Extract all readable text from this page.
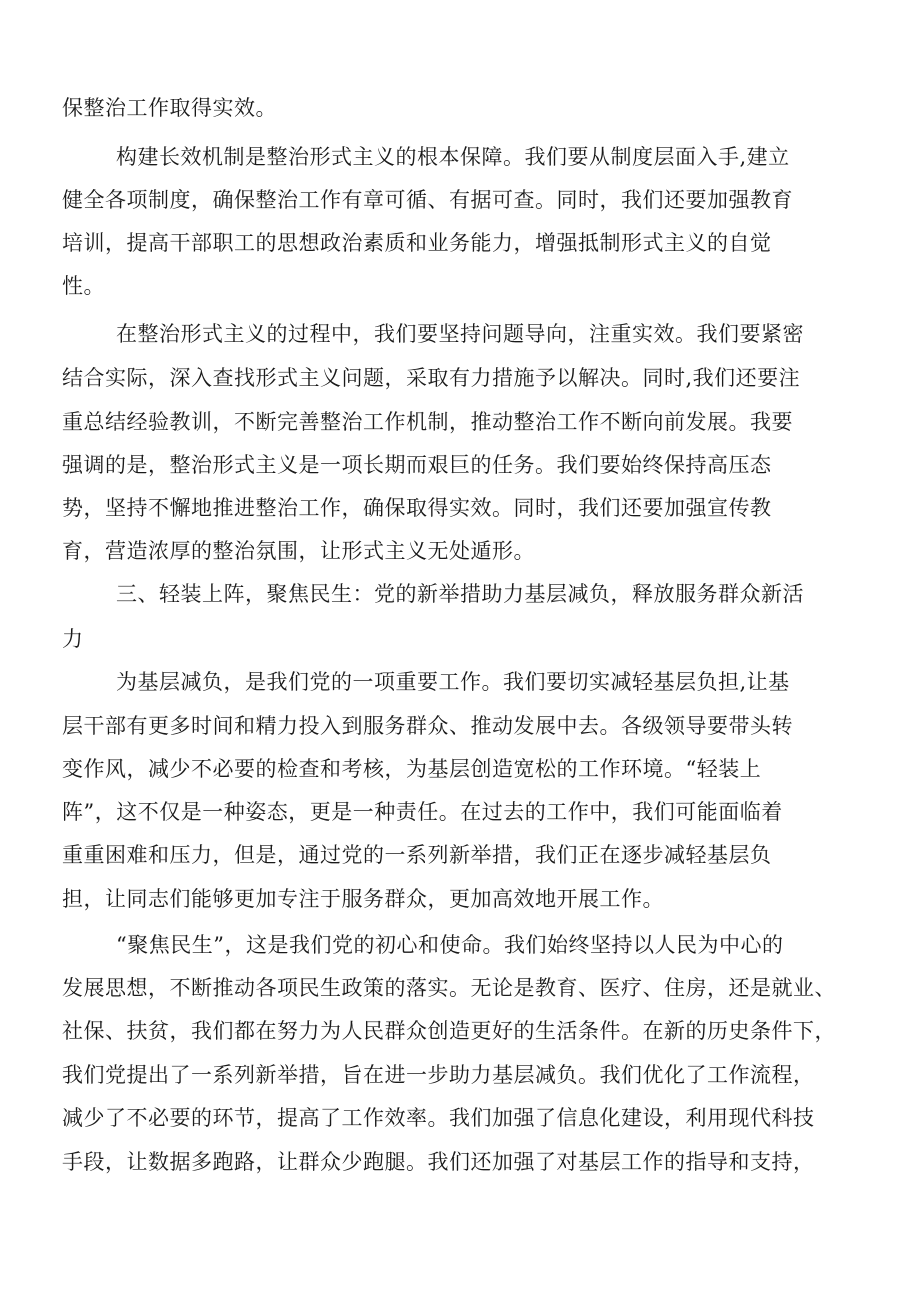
保整治工作取得实效。
构建长效机制是整治形式主义的根本保障。我们要从制度层面入手,建立
健全各项制度，确保整治工作有章可循、有据可查。同时，我们还要加强教育
培训，提高干部职工的思想政治素质和业务能力，增强抵制形式主义的自觉
性。
在整治形式主义的过程中，我们要坚持问题导向，注重实效。我们要紧密
结合实际，深入查找形式主义问题，采取有力措施予以解决。同时,我们还要注
重总结经验教训，不断完善整治工作机制，推动整治工作不断向前发展。我要
强调的是，整治形式主义是一项长期而艰巨的任务。我们要始终保持高压态
势，坚持不懈地推进整治工作，确保取得实效。同时，我们还要加强宣传教
育，营造浓厚的整治氛围，让形式主义无处遁形。
三、轻装上阵，聚焦民生：党的新举措助力基层减负，释放服务群众新活
力
为基层减负，是我们党的一项重要工作。我们要切实减轻基层负担,让基
层干部有更多时间和精力投入到服务群众、推动发展中去。各级领导要带头转
变作风，减少不必要的检查和考核，为基层创造宽松的工作环境。“轻装上
阵”，这不仅是一种姿态，更是一种责任。在过去的工作中，我们可能面临着
重重困难和压力，但是，通过党的一系列新举措，我们正在逐步减轻基层负
担，让同志们能够更加专注于服务群众，更加高效地开展工作。
“聚焦民生”，这是我们党的初心和使命。我们始终坚持以人民为中心的
发展思想，不断推动各项民生政策的落实。无论是教育、医疗、住房，还是就业、
社保、扶贫，我们都在努力为人民群众创造更好的生活条件。在新的历史条件下，
我们党提出了一系列新举措，旨在进一步助力基层减负。我们优化了工作流程，
减少了不必要的环节，提高了工作效率。我们加强了信息化建设，利用现代科技
手段，让数据多跑路，让群众少跑腿。我们还加强了对基层工作的指导和支持，
